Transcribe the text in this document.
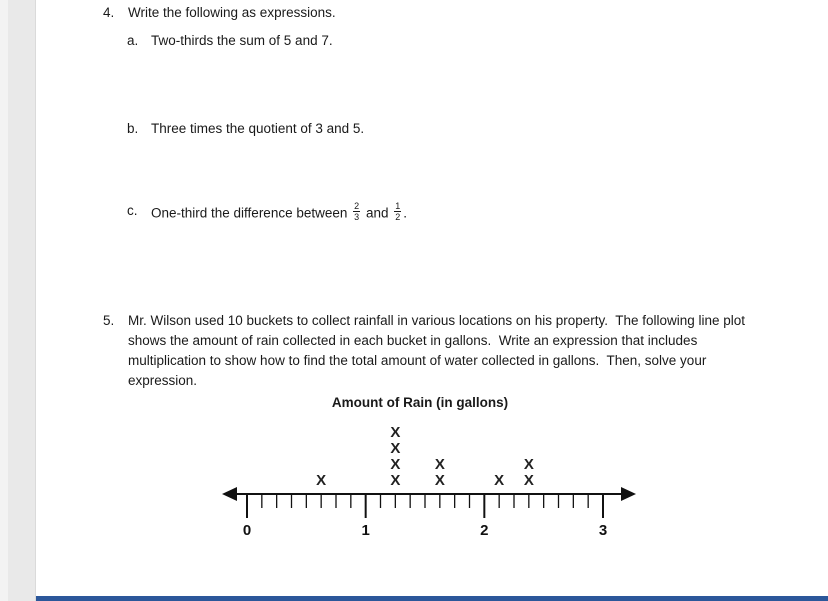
4.	Write the following as expressions.
a. Two-thirds the sum of 5 and 7.
b. Three times the quotient of 3 and 5.
c. One-third the difference between $\frac{2}{3}$ and $\frac{1}{2}$ .
5.	Mr. Wilson used 10 buckets to collect rainfall in various locations on his property.  The following line plot shows the amount of rain collected in each bucket in gallons.  Write an expression that includes multiplication to show how to find the total amount of water collected in gallons.  Then, solve your expression.
Amount of Rain (in gallons)
0	1	2	3
X	X
X
X
X
X
X
X X
X
